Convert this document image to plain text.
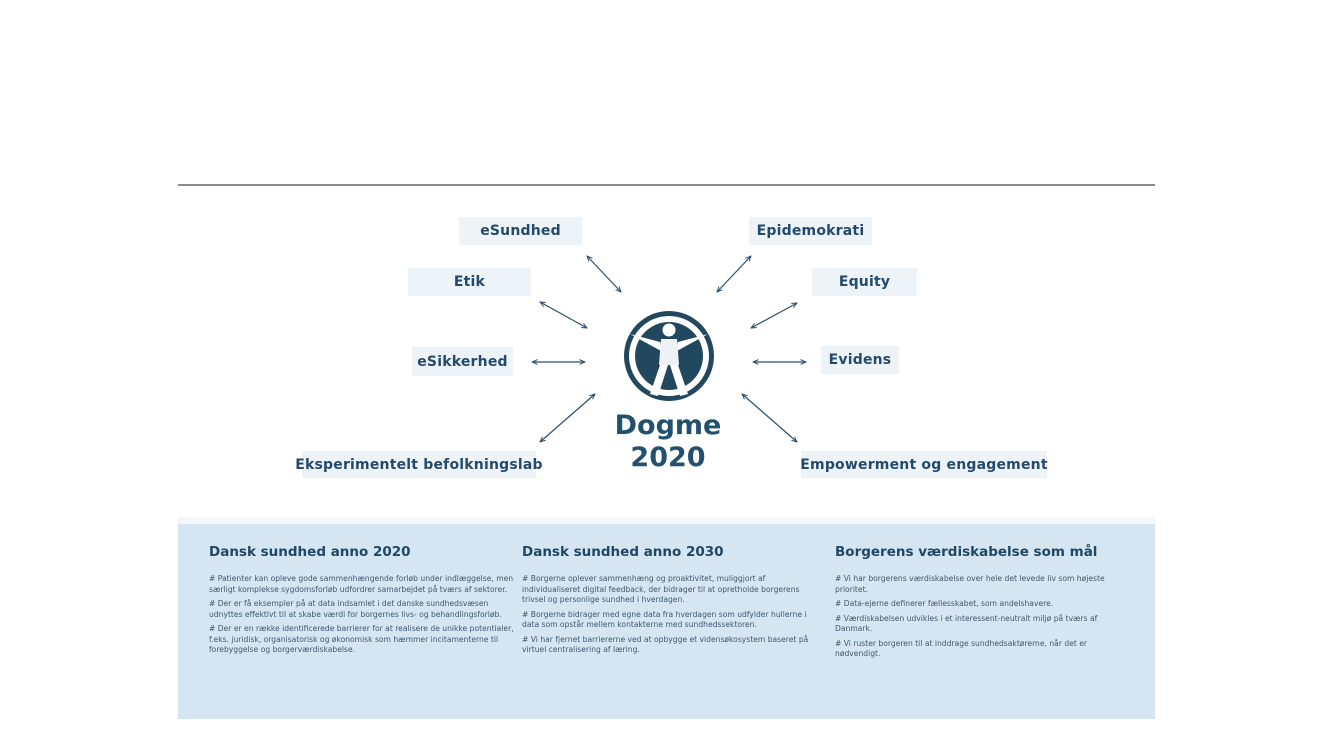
eSundhed	Epidemokrati
Etik	Equity
eSikkerhed	Evidens
Eksperimentelt befolkningslab	Empowerment og engagement
Dogme
2020
Dansk sundhed anno 2020

# Patienter kan opleve gode sammenhængende forløb under indlæggelse, men særligt komplekse sygdomsforløb udfordrer samarbejdet på tværs af sektorer.

# Der er få eksempler på at data indsamlet i det danske sundhedsvæsen udnyttes effektivt til at skabe værdi for borgernes livs- og behandlingsforløb.

# Der er en række identificerede barrierer for at realisere de unikke potentialer, f.eks. juridisk, organisatorisk og økonomisk som hæmmer incitamenterne til forebyggelse og borgerværdiskabelse.

Dansk sundhed anno 2030

# Borgerne oplever sammenhæng og proaktivitet, muliggjort af individualiseret digital feedback, der bidrager til at opretholde borgerens trivsel og personlige sundhed i hverdagen.

# Borgerne bidrager med egne data fra hverdagen som udfylder hullerne i data som opstår mellem kontakterne med sundhedssektoren.

# Vi har fjernet barriererne ved at opbygge et vidensøkosystem baseret på virtuel centralisering af læring.

Borgerens værdiskabelse som mål

# Vi har borgerens værdiskabelse over hele det levede liv som højeste prioritet.

# Data-ejerne definerer fællesskabet, som andelshavere.

# Værdiskabelsen udvikles i et interessent-neutralt miljø på tværs af Danmark.

# Vi ruster borgeren til at inddrage sundhedsaktørerne, når det er nødvendigt.
